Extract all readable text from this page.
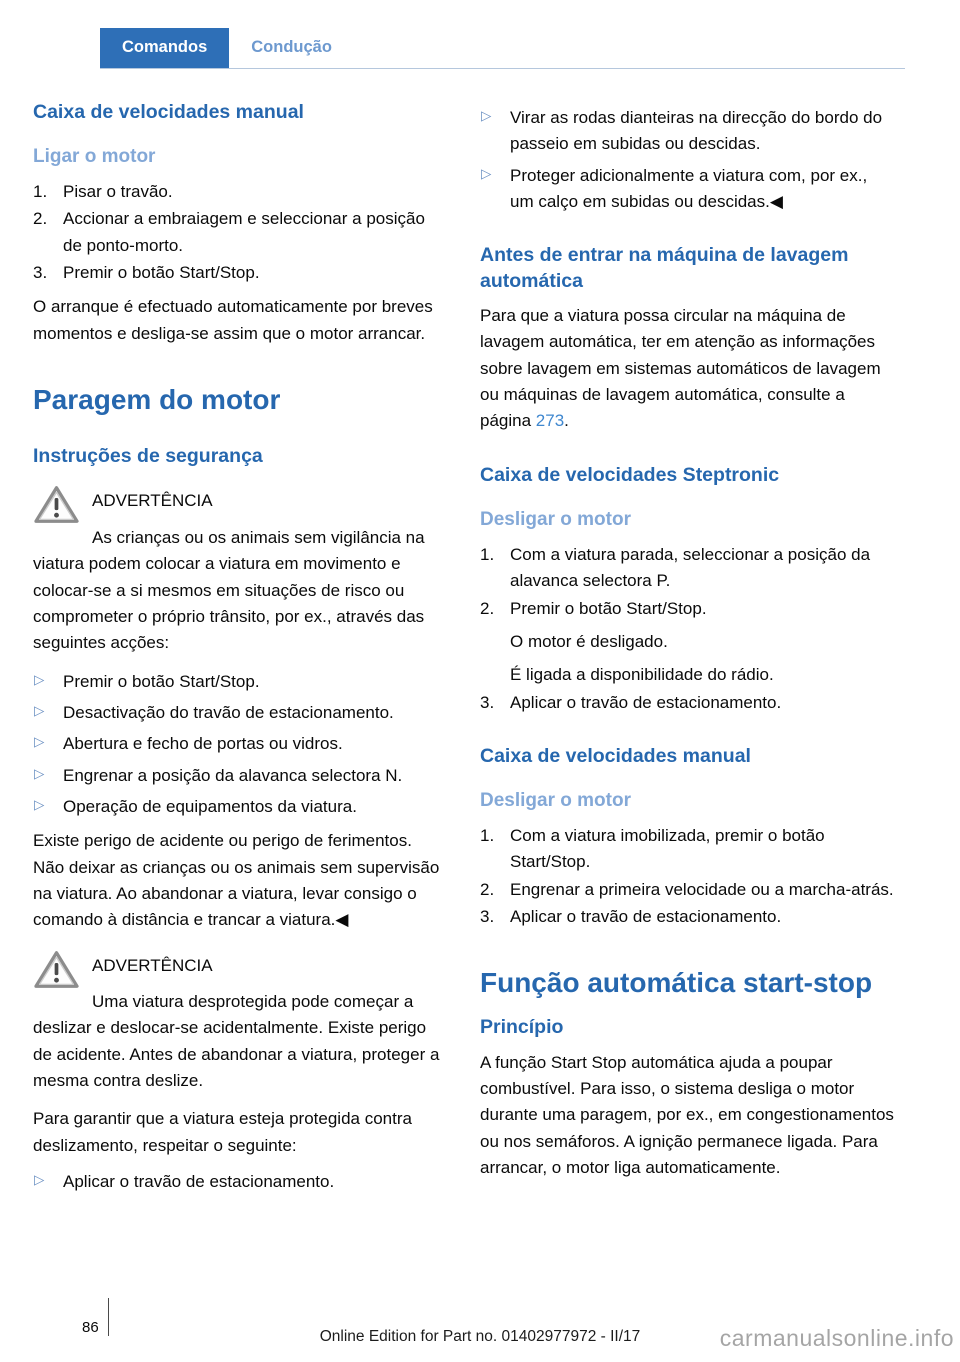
Comandos	Condução
Caixa de velocidades manual
Ligar o motor
1. Pisar o travão.
2. Accionar a embraiagem e seleccionar a posição de ponto-morto.
3. Premir o botão Start/Stop.

O arranque é efectuado automaticamente por breves momentos e desliga-se assim que o motor arrancar.

Paragem do motor
Instruções de segurança
ADVERTÊNCIA
As crianças ou os animais sem vigilância na viatura podem colocar a viatura em movimento e colocar-se a si mesmos em situações de risco ou comprometer o próprio trânsito, por ex., através das seguintes acções:
▷ Premir o botão Start/Stop.
▷ Desactivação do travão de estacionamento.
▷ Abertura e fecho de portas ou vidros.
▷ Engrenar a posição da alavanca selectora N.
▷ Operação de equipamentos da viatura.

Existe perigo de acidente ou perigo de ferimentos. Não deixar as crianças ou os animais sem supervisão na viatura. Ao abandonar a viatura, levar consigo o comando à distância e trancar a viatura.◀

ADVERTÊNCIA
Uma viatura desprotegida pode começar a deslizar e deslocar-se acidentalmente. Existe perigo de acidente. Antes de abandonar a viatura, proteger a mesma contra deslize.

Para garantir que a viatura esteja protegida contra deslizamento, respeitar o seguinte:

▷ Aplicar o travão de estacionamento.
▷ Virar as rodas dianteiras na direcção do bordo do passeio em subidas ou descidas.
▷ Proteger adicionalmente a viatura com, por ex., um calço em subidas ou descidas.◀
Antes de entrar na máquina de lavagem automática

Para que a viatura possa circular na máquina de lavagem automática, ter em atenção as informações sobre lavagem em sistemas automáticos de lavagem ou máquinas de lavagem automática, consulte a página 273.

Caixa de velocidades Steptronic
Desligar o motor
1. Com a viatura parada, seleccionar a posição da alavanca selectora P.
2. Premir o botão Start/Stop.
O motor é desligado.
É ligada a disponibilidade do rádio.
3. Aplicar o travão de estacionamento.
Caixa de velocidades manual
Desligar o motor
1. Com a viatura imobilizada, premir o botão Start/Stop.
2. Engrenar a primeira velocidade ou a marcha-atrás.
3. Aplicar o travão de estacionamento.
Função automática start-stop
Princípio

A função Start Stop automática ajuda a poupar combustível. Para isso, o sistema desliga o motor durante uma paragem, por ex., em congestionamentos ou nos semáforos. A ignição permanece ligada. Para arrancar, o motor liga automaticamente.

86
Online Edition for Part no. 01402977972 - II/17	carmanualsonline.info
